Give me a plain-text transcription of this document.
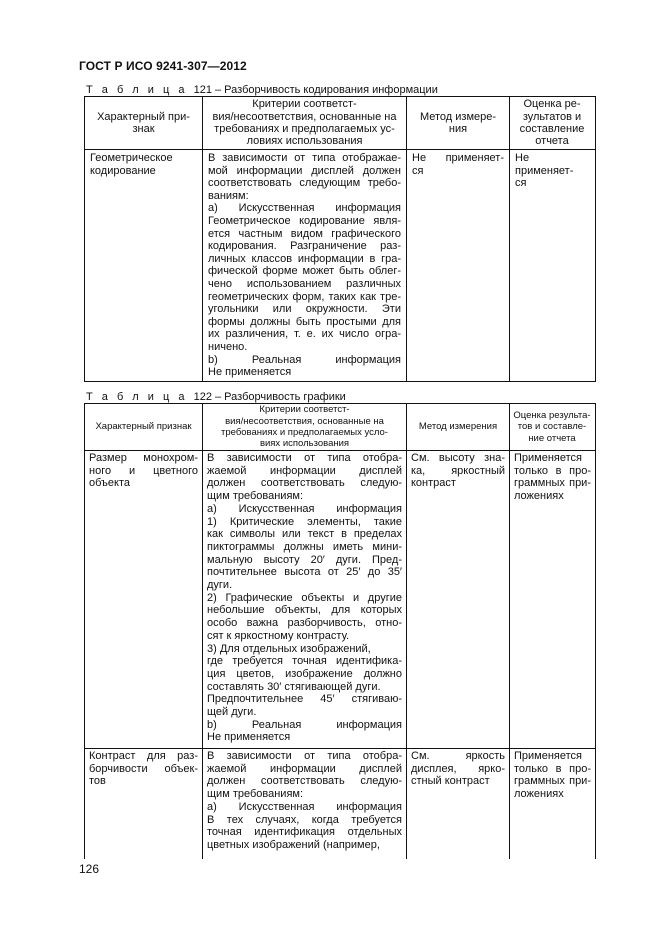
ГОСТ Р ИСО 9241-307—2012
Т а б л и ц а 121 – Разборчивость кодирования информации
Характерный при-
знак
Критерии соответст-
вия/несоответствия, основанные на
требованиях и предполагаемых ус-
ловиях использования
Метод измере-
ния
Оценка ре-
зультатов и
составление
отчета
Геометрическое
кодирование
В зависимости от типа отображае-
мой информации дисплей должен
соответствовать следующим требо-
ваниям:
а) Искусственная информация
Геометрическое кодирование явля-
ется частным видом графического
кодирования. Разграничение раз-
личных классов информации в гра-
фической форме может быть облег-
чено использованием различных
геометрических форм, таких как тре-
угольники или окружности. Эти
формы должны быть простыми для
их различения, т. е. их число огра-
ничено.
b) Реальная информация
Не применяется
Не применяет-
ся
Не применяет-
ся
Т а б л и ц а 122 – Разборчивость графики
Характерный признак
Критерии соответст-
вия/несоответствия, основанные на
требованиях и предполагаемых усло-
виях использования
Метод измерения
Оценка результа-
тов и составле-
ние отчета
Размер монохром-
ного и цветного
объекта
В зависимости от типа отобра-
жаемой информации дисплей
должен соответствовать следую-
щим требованиям:
а) Искусственная информация
1) Критические элементы, такие
как символы или текст в пределах
пиктограммы должны иметь мини-
мальную высоту 20′ дуги. Пред-
почтительнее высота от 25′ до 35′
дуги.
2) Графические объекты и другие
небольшие объекты, для которых
особо важна разборчивость, отно-
сят к яркостному контрасту.
3) Для отдельных изображений,
где требуется точная идентифика-
ция цветов, изображение должно
составлять 30′ стягивающей дуги.
Предпочтительнее 45′ стягиваю-
щей дуги.
b) Реальная информация
Не применяется
См. высоту зна-
ка, яркостный
контраст
Применяется
только в про-
граммных при-
ложениях
Контраст для раз-
борчивости объек-
тов
В зависимости от типа отобра-
жаемой информации дисплей
должен соответствовать следую-
щим требованиям:
а) Искусственная информация
В тех случаях, когда требуется
точная идентификация отдельных
цветных изображений (например,
См. яркость
дисплея, ярко-
стный контраст
Применяется
только в про-
граммных при-
ложениях
126
